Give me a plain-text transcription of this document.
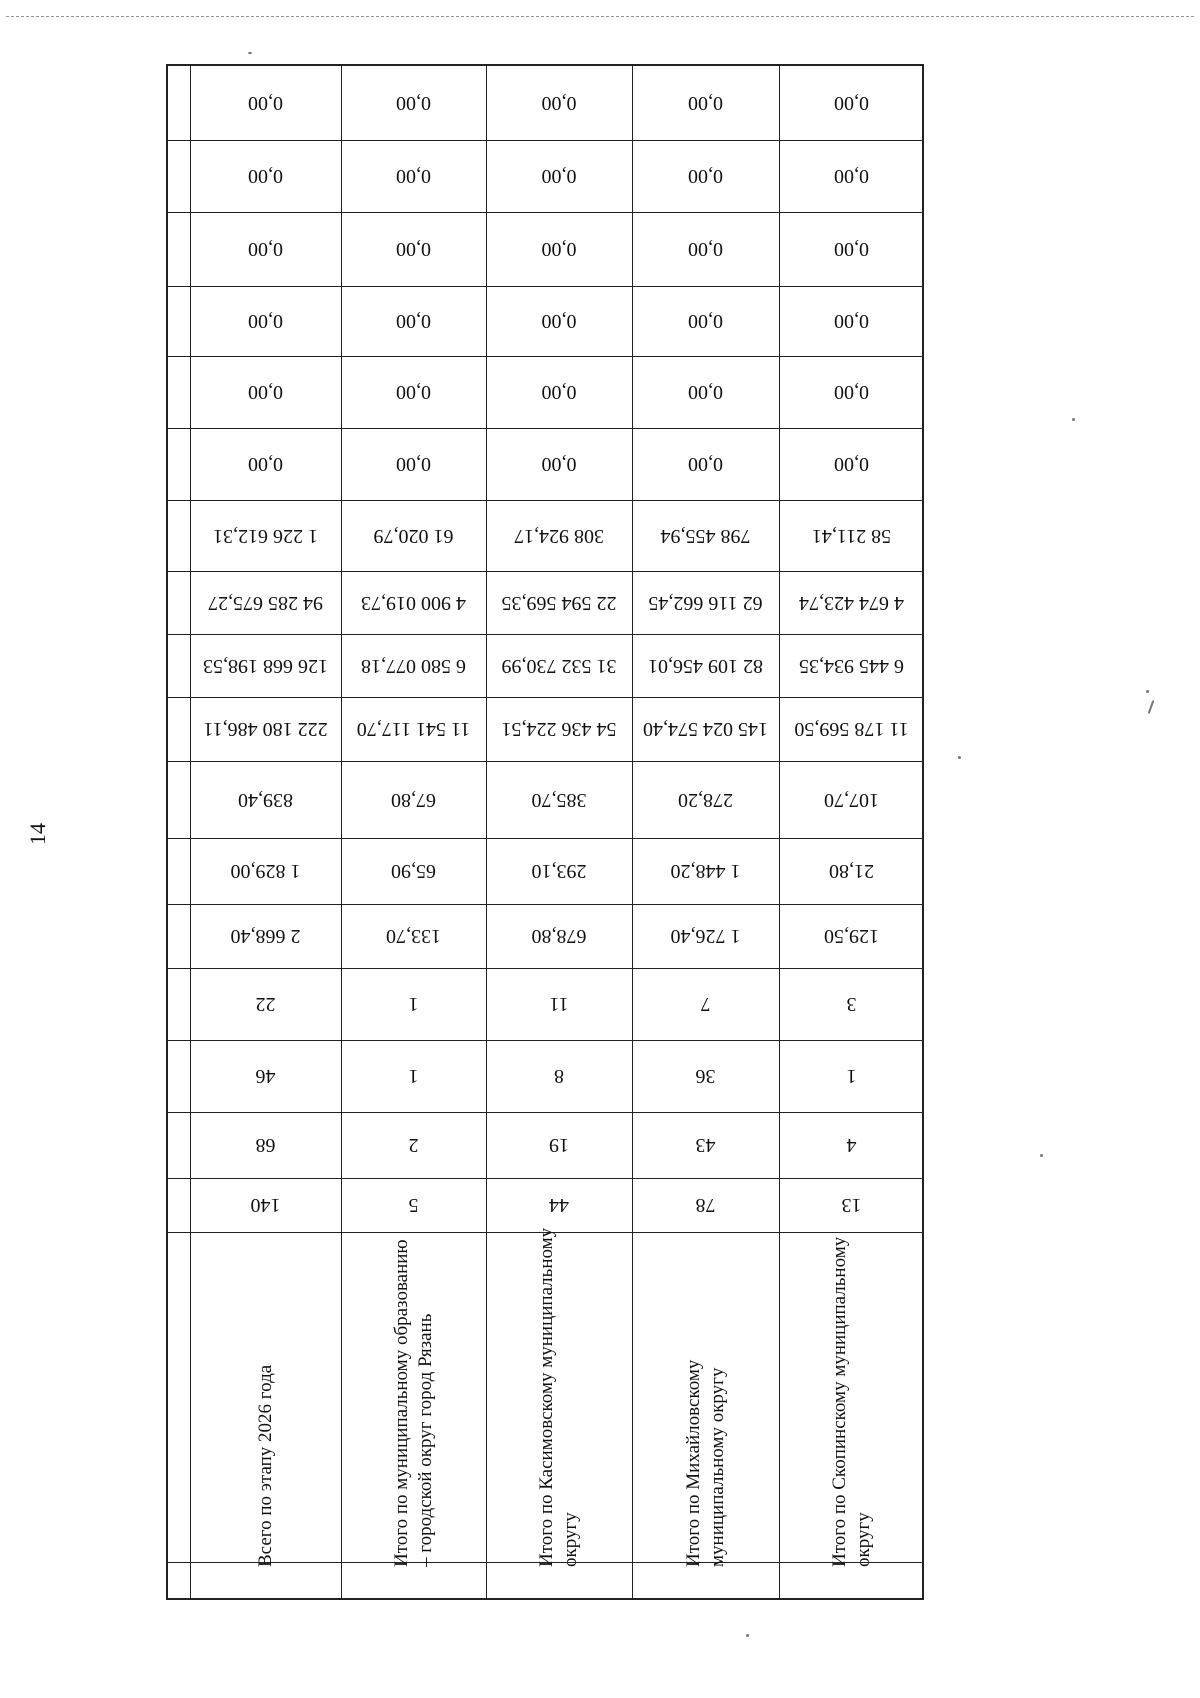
14
Всего по этапу 2026 года
140
68
46
22
2 668,40
1 829,00
839,40
222 180 486,11
126 668 198,53
94 285 675,27
1 226 612,31
0,00
0,00
0,00
0,00
0,00
0,00
Итого по муниципальному образованию – городской округ город Рязань
5
2
1
1
133,70
65,90
67,80
11 541 117,70
6 580 077,18
4 900 019,73
61 020,79
0,00
0,00
0,00
0,00
0,00
0,00
Итого по Касимовскому муниципальному округу
44
19
8
11
678,80
293,10
385,70
54 436 224,51
31 532 730,99
22 594 569,35
308 924,17
0,00
0,00
0,00
0,00
0,00
0,00
Итого по Михайловскому муниципальному округу
78
43
36
7
1 726,40
1 448,20
278,20
145 024 574,40
82 109 456,01
62 116 662,45
798 455,94
0,00
0,00
0,00
0,00
0,00
0,00
Итого по Скопинскому муниципальному округу
13
4
1
3
129,50
21,80
107,70
11 178 569,50
6 445 934,35
4 674 423,74
58 211,41
0,00
0,00
0,00
0,00
0,00
0,00
